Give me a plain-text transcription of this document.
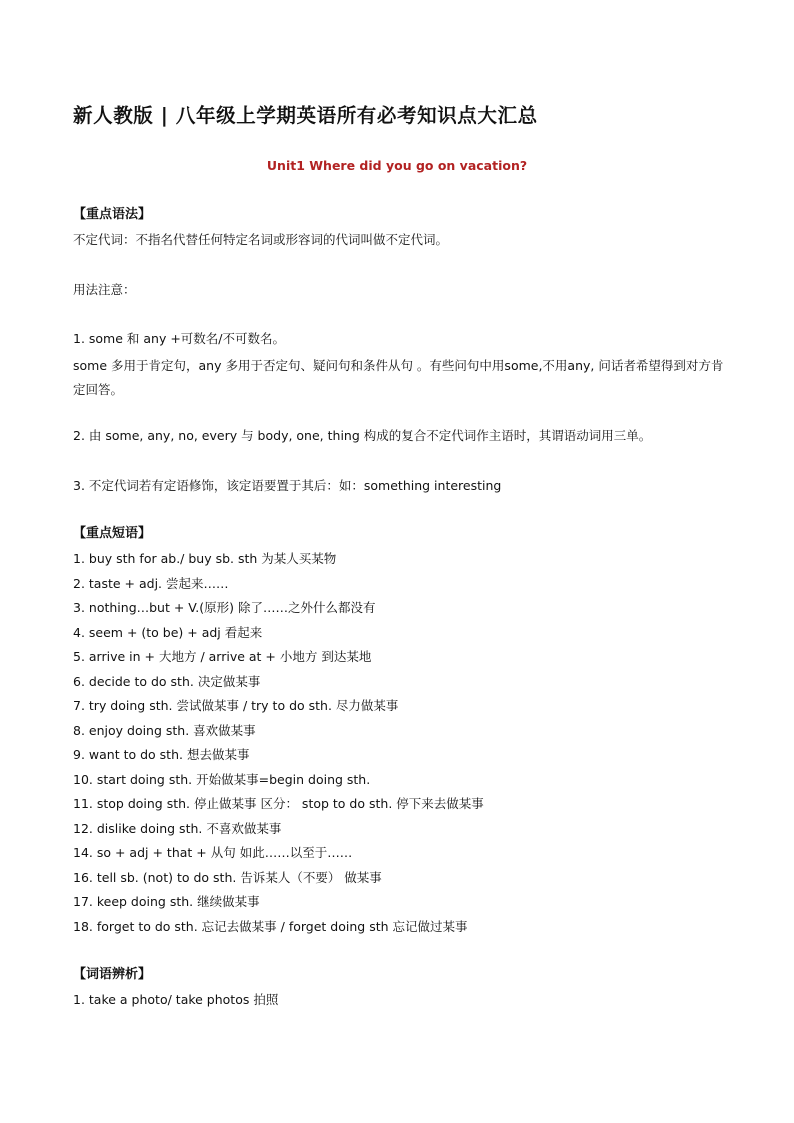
新人教版 | 八年级上学期英语所有必考知识点大汇总

Unit1 Where did you go on vacation?

【重点语法】

不定代词：不指名代替任何特定名词或形容词的代词叫做不定代词。

用法注意：

1. some 和 any +可数名/不可数名。

some 多用于肯定句，any 多用于否定句、疑问句和条件从句 。有些问句中用some,不用any, 问话者希望得到对方肯定回答。

2. 由 some, any, no, every 与 body, one, thing 构成的复合不定代词作主语时，其谓语动词用三单。

3. 不定代词若有定语修饰，该定语要置于其后：如：something interesting

【重点短语】

1. buy sth for ab./ buy sb. sth 为某人买某物

2. taste + adj. 尝起来……

3. nothing…but + V.(原形) 除了……之外什么都没有

4. seem + (to be) + adj 看起来

5. arrive in + 大地方 / arrive at + 小地方 到达某地

6. decide to do sth. 决定做某事

7. try doing sth. 尝试做某事 / try to do sth. 尽力做某事

8. enjoy doing sth. 喜欢做某事

9. want to do sth. 想去做某事

10. start doing sth. 开始做某事=begin doing sth.

11. stop doing sth. 停止做某事 区分： stop to do sth. 停下来去做某事

12. dislike doing sth. 不喜欢做某事

14. so + adj + that + 从句 如此……以至于……

16. tell sb. (not) to do sth. 告诉某人（不要） 做某事

17. keep doing sth. 继续做某事

18. forget to do sth. 忘记去做某事 / forget doing sth 忘记做过某事

【词语辨析】

1. take a photo/ take photos 拍照
